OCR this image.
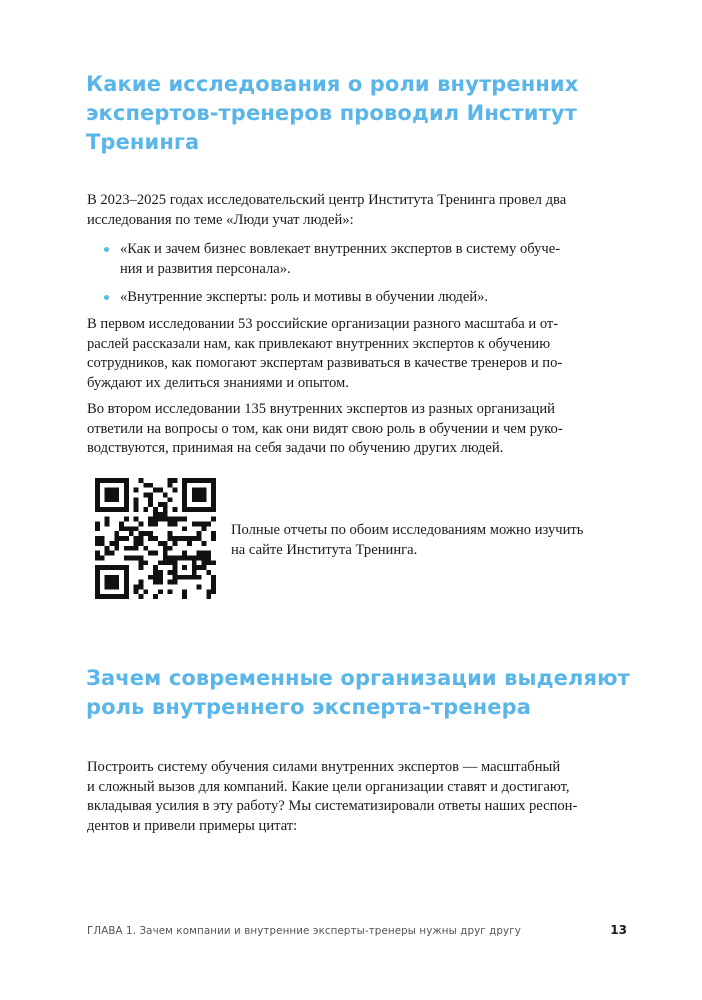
Какие исследования о роли внутренних
экспертов-тренеров проводил Институт
Тренинга

В 2023–2025 годах исследовательский центр Института Тренинга провел два
исследования по теме «Люди учат людей»:

«Как и зачем бизнес вовлекает внутренних экспертов в систему обуче-
ния и развития персонала».
«Внутренние эксперты: роль и мотивы в обучении людей».

В первом исследовании 53 российские организации разного масштаба и от-
раслей рассказали нам, как привлекают внутренних экспертов к обучению
сотрудников, как помогают экспертам развиваться в качестве тренеров и по-
буждают их делиться знаниями и опытом.

Во втором исследовании 135 внутренних экспертов из разных организаций
ответили на вопросы о том, как они видят свою роль в обучении и чем руко-
водствуются, принимая на себя задачи по обучению других людей.

Полные отчеты по обоим исследованиям можно изучить
на сайте Института Тренинга.

Зачем современные организации выделяют
роль внутреннего эксперта-тренера

Построить систему обучения силами внутренних экспертов — масштабный
и сложный вызов для компаний. Какие цели организации ставят и достигают,
вкладывая усилия в эту работу? Мы систематизировали ответы наших респон-
дентов и привели примеры цитат:

ГЛАВА 1. Зачем компании и внутренние эксперты-тренеры нужны друг другу	13
